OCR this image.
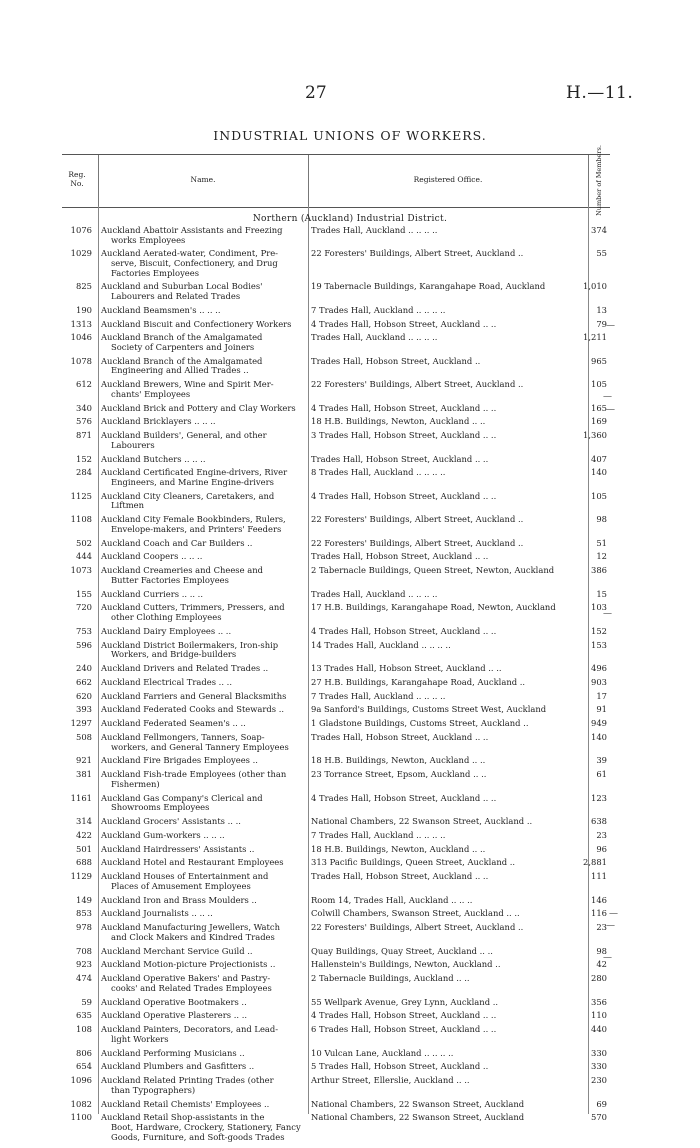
27	H.—11.
INDUSTRIAL UNIONS OF WORKERS.
Reg. No.	Name.	Registered Office.	Number of Members.
Northern (Auckland) Industrial District.
1076 Auckland Abattoir Assistants and Freezing
works Employees
Trades Hall, Auckland .. .. .. ..	374
1029 Auckland Aerated-water, Condiment, Pre-
serve, Biscuit, Confectionery, and Drug Factories Employees
22 Foresters' Buildings, Albert Street, Auckland ..	55
825 Auckland and Suburban Local Bodies'
Labourers and Related Trades
19 Tabernacle Buildings, Karangahape Road, Auckland	1,010
190 Auckland Beamsmen's .. .. ..	7 Trades Hall, Auckland .. .. .. ..	13
1313 Auckland Biscuit and Confectionery Workers	4 Trades Hall, Hobson Street, Auckland .. ..	79
1046 Auckland Branch of the Amalgamated
Society of Carpenters and Joiners
Trades Hall, Auckland .. .. .. ..	1,211
1078 Auckland Branch of the Amalgamated
Engineering and Allied Trades ..
Trades Hall, Hobson Street, Auckland ..	965
612 Auckland Brewers, Wine and Spirit Mer-
chants' Employees
22 Foresters' Buildings, Albert Street, Auckland ..	105
340 Auckland Brick and Pottery and Clay Workers	4 Trades Hall, Hobson Street, Auckland .. ..	165
576 Auckland Bricklayers .. .. ..	18 H.B. Buildings, Newton, Auckland .. ..	169
871 Auckland Builders', General, and other
Labourers
3 Trades Hall, Hobson Street, Auckland .. ..	1,360
152 Auckland Butchers .. .. ..	Trades Hall, Hobson Street, Auckland .. ..	407
284 Auckland Certificated Engine-drivers, River
Engineers, and Marine Engine-drivers
8 Trades Hall, Auckland .. .. .. ..	140
1125 Auckland City Cleaners, Caretakers, and
Liftmen
4 Trades Hall, Hobson Street, Auckland .. ..	105
1108 Auckland City Female Bookbinders, Rulers,
Envelope-makers, and Printers' Feeders
22 Foresters' Buildings, Albert Street, Auckland ..	98
502 Auckland Coach and Car Builders ..	22 Foresters' Buildings, Albert Street, Auckland ..	51
444 Auckland Coopers .. .. ..	Trades Hall, Hobson Street, Auckland .. ..	12
1073 Auckland Creameries and Cheese and
Butter Factories Employees
2 Tabernacle Buildings, Queen Street, Newton, Auckland	386
155 Auckland Curriers .. .. ..	Trades Hall, Auckland .. .. .. ..	15
720 Auckland Cutters, Trimmers, Pressers, and
other Clothing Employees
17 H.B. Buildings, Karangahape Road, Newton, Auckland	103
753 Auckland Dairy Employees .. ..	4 Trades Hall, Hobson Street, Auckland .. ..	152
596 Auckland District Boilermakers, Iron-ship
Workers, and Bridge-builders
14 Trades Hall, Auckland .. .. .. ..	153
240 Auckland Drivers and Related Trades ..	13 Trades Hall, Hobson Street, Auckland .. ..	496
662 Auckland Electrical Trades .. ..	27 H.B. Buildings, Karangahape Road, Auckland ..	903
620 Auckland Farriers and General Blacksmiths	7 Trades Hall, Auckland .. .. .. ..	17
393 Auckland Federated Cooks and Stewards ..	9a Sanford's Buildings, Customs Street West, Auckland	91
1297 Auckland Federated Seamen's .. ..	1 Gladstone Buildings, Customs Street, Auckland ..	949
508 Auckland Fellmongers, Tanners, Soap-
workers, and General Tannery Employees
Trades Hall, Hobson Street, Auckland .. ..	140
921 Auckland Fire Brigades Employees ..	18 H.B. Buildings, Newton, Auckland .. ..	39
381 Auckland Fish-trade Employees (other than
Fishermen)
23 Torrance Street, Epsom, Auckland .. ..	61
1161 Auckland Gas Company's Clerical and
Showrooms Employees
4 Trades Hall, Hobson Street, Auckland .. ..	123
314 Auckland Grocers' Assistants .. ..	National Chambers, 22 Swanson Street, Auckland ..	638
422 Auckland Gum-workers .. .. ..	7 Trades Hall, Auckland .. .. .. ..	23
501 Auckland Hairdressers' Assistants ..	18 H.B. Buildings, Newton, Auckland .. ..	96
688 Auckland Hotel and Restaurant Employees	313 Pacific Buildings, Queen Street, Auckland ..	2,881
1129 Auckland Houses of Entertainment and
Places of Amusement Employees
Trades Hall, Hobson Street, Auckland .. ..	111
149 Auckland Iron and Brass Moulders ..	Room 14, Trades Hall, Auckland .. .. ..	146
853 Auckland Journalists .. .. ..	Colwill Chambers, Swanson Street, Auckland .. ..	116
978 Auckland Manufacturing Jewellers, Watch
and Clock Makers and Kindred Trades
22 Foresters' Buildings, Albert Street, Auckland ..	23
708 Auckland Merchant Service Guild ..	Quay Buildings, Quay Street, Auckland .. ..	98
923 Auckland Motion-picture Projectionists ..	Hallenstein's Buildings, Newton, Auckland ..	42
474 Auckland Operative Bakers' and Pastry-
cooks' and Related Trades Employees
2 Tabernacle Buildings, Auckland .. ..	280
59 Auckland Operative Bootmakers ..	55 Wellpark Avenue, Grey Lynn, Auckland ..	356
635 Auckland Operative Plasterers .. ..	4 Trades Hall, Hobson Street, Auckland .. ..	110
108 Auckland Painters, Decorators, and Lead-
light Workers
6 Trades Hall, Hobson Street, Auckland .. ..	440
806 Auckland Performing Musicians ..	10 Vulcan Lane, Auckland .. .. .. ..	330
654 Auckland Plumbers and Gasfitters ..	5 Trades Hall, Hobson Street, Auckland ..	330
1096 Auckland Related Printing Trades (other
than Typographers)
Arthur Street, Ellerslie, Auckland .. ..	230
1082 Auckland Retail Chemists' Employees ..	National Chambers, 22 Swanson Street, Auckland	69
1100 Auckland Retail Shop-assistants in the
Boot, Hardware, Crockery, Stationery, Fancy Goods, Furniture, and Soft-goods Trades
National Chambers, 22 Swanson Street, Auckland	570
—
—
—
—
—
—
—
